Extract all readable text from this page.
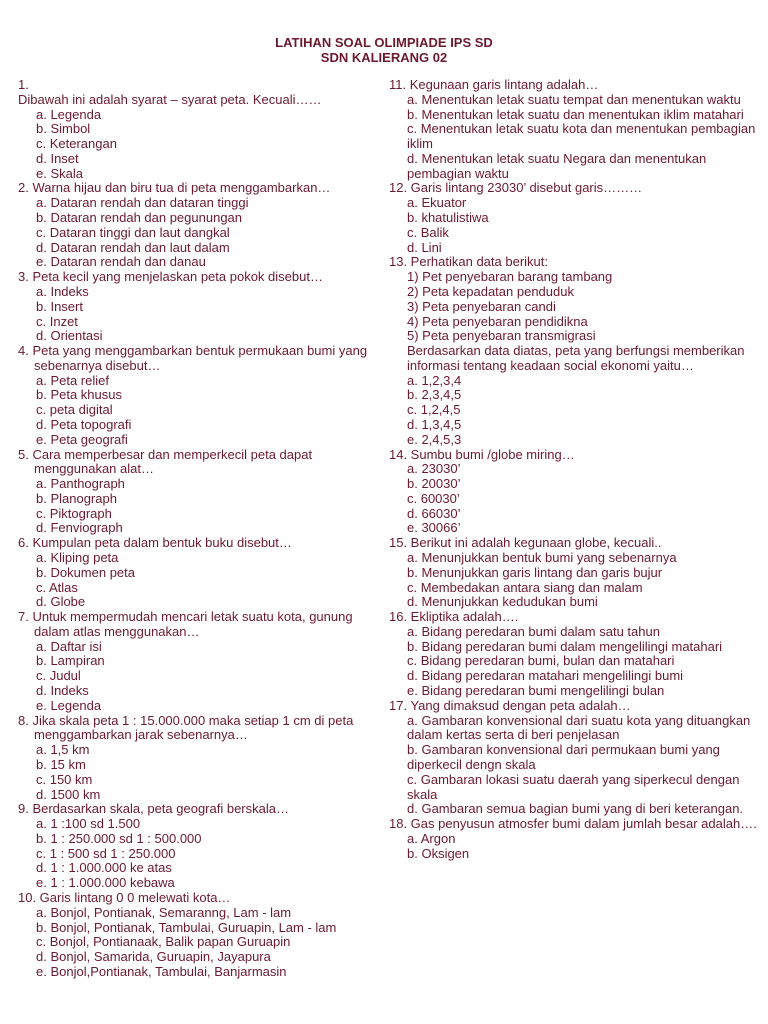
LATIHAN SOAL OLIMPIADE IPS SD
SDN KALIERANG 02
1.
Dibawah ini adalah syarat – syarat peta. Kecuali……
a. Legenda
b. Simbol
c. Keterangan
d. Inset
e. Skala
2. Warna hijau dan biru tua di peta menggambarkan…
a. Dataran rendah dan dataran tinggi
b. Dataran rendah dan pegunungan
c. Dataran tinggi dan laut dangkal
d. Dataran rendah dan laut dalam
e. Dataran rendah dan danau
3. Peta kecil yang menjelaskan peta pokok disebut…
a. Indeks
b. Insert
c. Inzet
d. Orientasi
4. Peta yang menggambarkan bentuk permukaan bumi yang sebenarnya disebut…
a. Peta relief
b. Peta khusus
c. peta digital
d. Peta topografi
e. Peta geografi
5. Cara memperbesar dan memperkecil peta dapat menggunakan alat…
a. Panthograph
b. Planograph
c. Piktograph
d. Fenviograph
6. Kumpulan peta dalam bentuk buku disebut…
a. Kliping peta
b. Dokumen peta
c. Atlas
d. Globe
7. Untuk mempermudah mencari letak suatu kota, gunung dalam atlas menggunakan…
a. Daftar isi
b. Lampiran
c. Judul
d. Indeks
e. Legenda
8. Jika skala peta 1 : 15.000.000 maka setiap 1 cm di peta menggambarkan jarak sebenarnya…
a. 1,5 km
b. 15 km
c. 150 km
d. 1500 km
9. Berdasarkan skala, peta geografi berskala…
a. 1 :100 sd 1.500
b. 1 : 250.000 sd 1 : 500.000
c. 1 : 500 sd 1 : 250.000
d. 1 : 1.000.000 ke atas
e. 1 : 1.000.000 kebawa
10. Garis lintang 0 0 melewati kota…
a. Bonjol, Pontianak, Semaranng, Lam - lam
b. Bonjol, Pontianak, Tambulai, Guruapin, Lam - lam
c. Bonjol, Pontianaak, Balik papan Guruapin
d. Bonjol, Samarida, Guruapin, Jayapura
e. Bonjol,Pontianak, Tambulai, Banjarmasin
11. Kegunaan garis lintang adalah…
a. Menentukan letak suatu tempat dan menentukan waktu
b. Menentukan letak suatu dan menentukan iklim matahari
c. Menentukan letak suatu kota dan menentukan pembagian iklim
d. Menentukan letak suatu Negara dan menentukan pembagian waktu
12. Garis lintang 23030’ disebut garis………
a. Ekuator
b. khatulistiwa
c. Balik
d. Lini
13. Perhatikan data berikut:
1) Pet penyebaran barang tambang
2) Peta kepadatan penduduk
3) Peta penyebaran candi
4) Peta penyebaran pendidikna
5) Peta penyebaran transmigrasi
Berdasarkan data diatas, peta yang berfungsi memberikan informasi tentang keadaan social ekonomi yaitu…
a. 1,2,3,4
b. 2,3,4,5
c. 1,2,4,5
d. 1,3,4,5
e. 2,4,5,3
14. Sumbu bumi /globe miring…
a. 23030’
b. 20030’
c. 60030’
d. 66030’
e. 30066’
15. Berikut ini adalah kegunaan globe, kecuali..
a. Menunjukkan bentuk bumi yang sebenarnya
b. Menunjukkan garis lintang dan garis bujur
c. Membedakan antara siang dan malam
d. Menunjukkan kedudukan bumi
16. Ekliptika adalah….
a. Bidang peredaran bumi dalam satu tahun
b. Bidang peredaran bumi dalam mengelilingi matahari
c. Bidang peredaran bumi, bulan dan matahari
d. Bidang peredaran matahari mengelilingi bumi
e. Bidang peredaran bumi mengelilingi bulan
17. Yang dimaksud dengan peta adalah…
a. Gambaran konvensional dari suatu kota yang dituangkan dalam kertas serta di beri penjelasan
b. Gambaran konvensional dari permukaan bumi yang diperkecil dengn skala
c. Gambaran lokasi suatu daerah yang siperkecul dengan skala
d. Gambaran semua bagian bumi yang di beri keterangan.
18. Gas penyusun atmosfer bumi dalam jumlah besar adalah….
a. Argon
b. Oksigen
